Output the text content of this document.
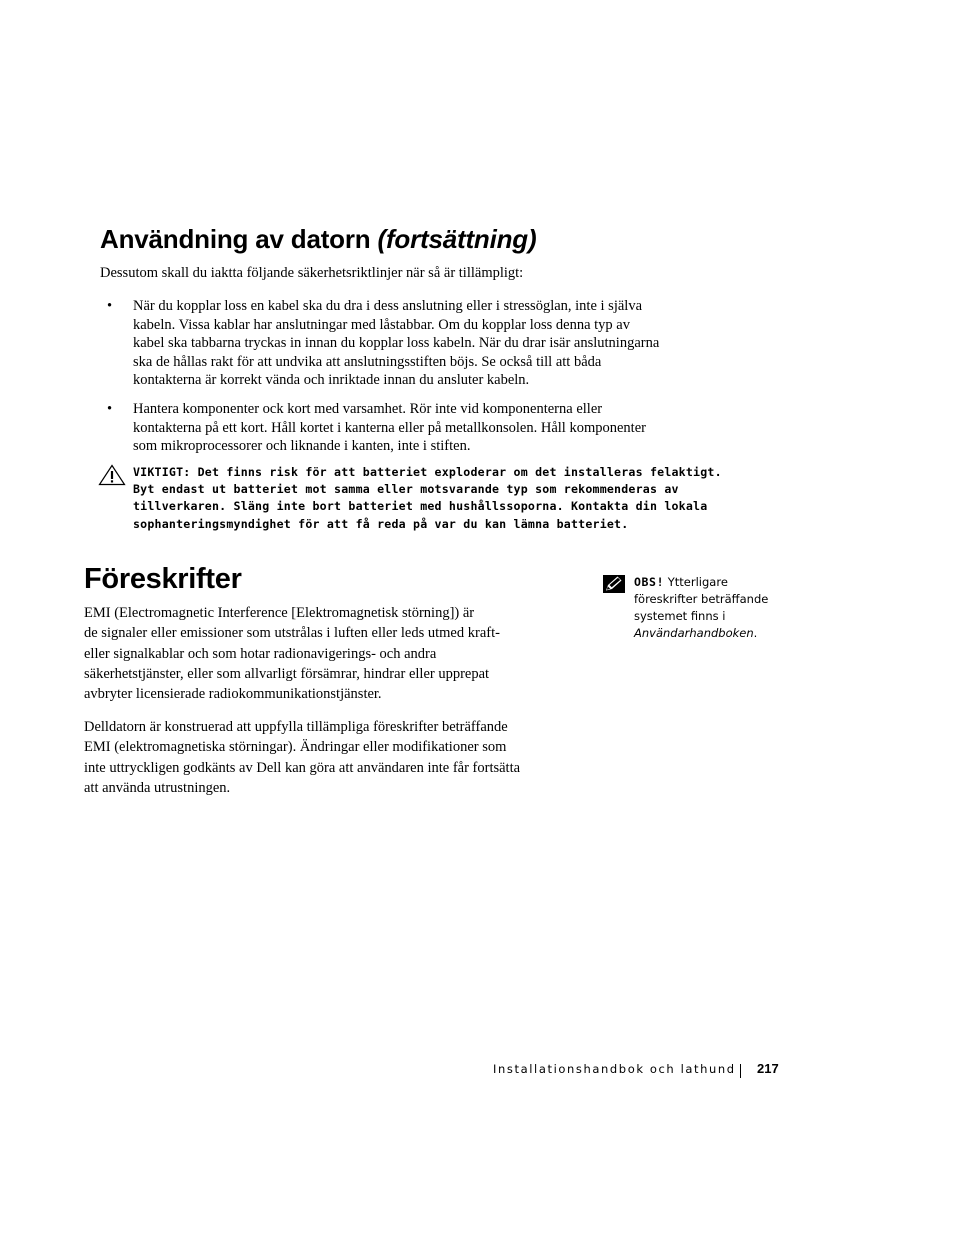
Användning av datorn (fortsättning)

Dessutom skall du iaktta följande säkerhetsriktlinjer när så är tillämpligt:

• När du kopplar loss en kabel ska du dra i dess anslutning eller i stressöglan, inte i själva
kabeln. Vissa kablar har anslutningar med låstabbar. Om du kopplar loss denna typ av
kabel ska tabbarna tryckas in innan du kopplar loss kabeln. När du drar isär anslutningarna
ska de hållas rakt för att undvika att anslutningsstiften böjs. Se också till att båda
kontakterna är korrekt vända och inriktade innan du ansluter kabeln.
• Hantera komponenter ock kort med varsamhet. Rör inte vid komponenterna eller
kontakterna på ett kort. Håll kortet i kanterna eller på metallkonsolen. Håll komponenter
som mikroprocessorer och liknande i kanten, inte i stiften.
VIKTIGT: Det finns risk för att batteriet exploderar om det installeras felaktigt.
Byt endast ut batteriet mot samma eller motsvarande typ som rekommenderas av
tillverkaren. Släng inte bort batteriet med hushållssoporna. Kontakta din lokala
sophanteringsmyndighet för att få reda på var du kan lämna batteriet.
Föreskrifter

EMI (Electromagnetic Interference [Elektromagnetisk störning]) är
de signaler eller emissioner som utstrålas i luften eller leds utmed kraft-
eller signalkablar och som hotar radionavigerings- och andra
säkerhetstjänster, eller som allvarligt försämrar, hindrar eller upprepat
avbryter licensierade radiokommunikationstjänster.

Delldatorn är konstruerad att uppfylla tillämpliga föreskrifter beträffande
EMI (elektromagnetiska störningar). Ändringar eller modifikationer som
inte uttryckligen godkänts av Dell kan göra att användaren inte får fortsätta
att använda utrustningen.

OBS! Ytterligare
föreskrifter beträffande
systemet finns i
Användarhandboken.
Installationshandbok och lathund 217
